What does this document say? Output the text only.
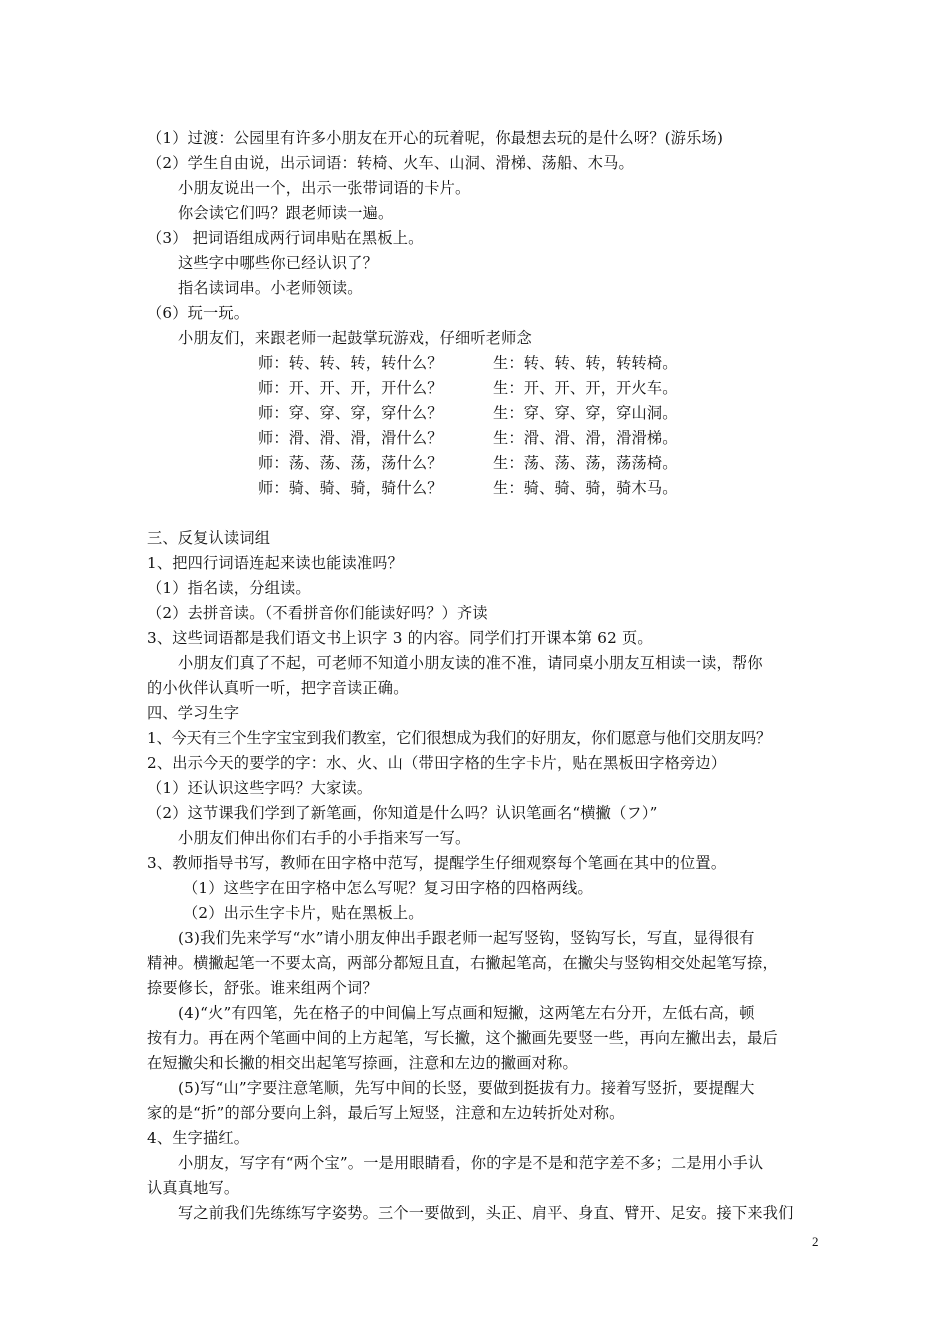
（1）过渡：公园里有许多小朋友在开心的玩着呢，你最想去玩的是什么呀？(游乐场)
（2）学生自由说，出示词语：转椅、火车、山洞、滑梯、荡船、木马。
小朋友说出一个，出示一张带词语的卡片。
你会读它们吗？跟老师读一遍。
（3） 把词语组成两行词串贴在黑板上。
这些字中哪些你已经认识了？
指名读词串。小老师领读。
（6）玩一玩。
小朋友们，来跟老师一起鼓掌玩游戏，仔细听老师念
师：转、转、转，转什么？	生：转、转、转，转转椅。
师：开、开、开，开什么？	生：开、开、开，开火车。
师：穿、穿、穿，穿什么？	生：穿、穿、穿，穿山洞。
师：滑、滑、滑，滑什么？	生：滑、滑、滑，滑滑梯。
师：荡、荡、荡，荡什么？	生：荡、荡、荡，荡荡椅。
师：骑、骑、骑，骑什么？	生：骑、骑、骑，骑木马。
三、反复认读词组
1、把四行词语连起来读也能读准吗？
（1）指名读，分组读。
（2）去拼音读。（不看拼音你们能读好吗？）齐读
3、这些词语都是我们语文书上识字 3 的内容。同学们打开课本第 62 页。
小朋友们真了不起，可老师不知道小朋友读的准不准，请同桌小朋友互相读一读，帮你
的小伙伴认真听一听，把字音读正确。
四、学习生字
1、今天有三个生字宝宝到我们教室，它们很想成为我们的好朋友，你们愿意与他们交朋友吗？
2、出示今天的要学的字：水、火、山（带田字格的生字卡片，贴在黑板田字格旁边）
（1）还认识这些字吗？大家读。
（2）这节课我们学到了新笔画，你知道是什么吗？认识笔画名“横撇（フ）”
小朋友们伸出你们右手的小手指来写一写。
3、教师指导书写，教师在田字格中范写，提醒学生仔细观察每个笔画在其中的位置。
（1）这些字在田字格中怎么写呢？复习田字格的四格两线。
（2）出示生字卡片，贴在黑板上。
(3)我们先来学写“水”请小朋友伸出手跟老师一起写竖钩，竖钩写长，写直，显得很有
精神。横撇起笔一不要太高，两部分都短且直，右撇起笔高，在撇尖与竖钩相交处起笔写捺，
捺要修长，舒张。谁来组两个词？
(4)“火”有四笔，先在格子的中间偏上写点画和短撇，这两笔左右分开，左低右高，顿
按有力。再在两个笔画中间的上方起笔，写长撇，这个撇画先要竖一些，再向左撇出去，最后
在短撇尖和长撇的相交出起笔写捺画，注意和左边的撇画对称。
(5)写“山”字要注意笔顺，先写中间的长竖，要做到挺拔有力。接着写竖折，要提醒大
家的是“折”的部分要向上斜，最后写上短竖，注意和左边转折处对称。
4、生字描红。
小朋友，写字有“两个宝”。一是用眼睛看，你的字是不是和范字差不多；二是用小手认
认真真地写。
写之前我们先练练写字姿势。三个一要做到，头正、肩平、身直、臂开、足安。接下来我们
2
